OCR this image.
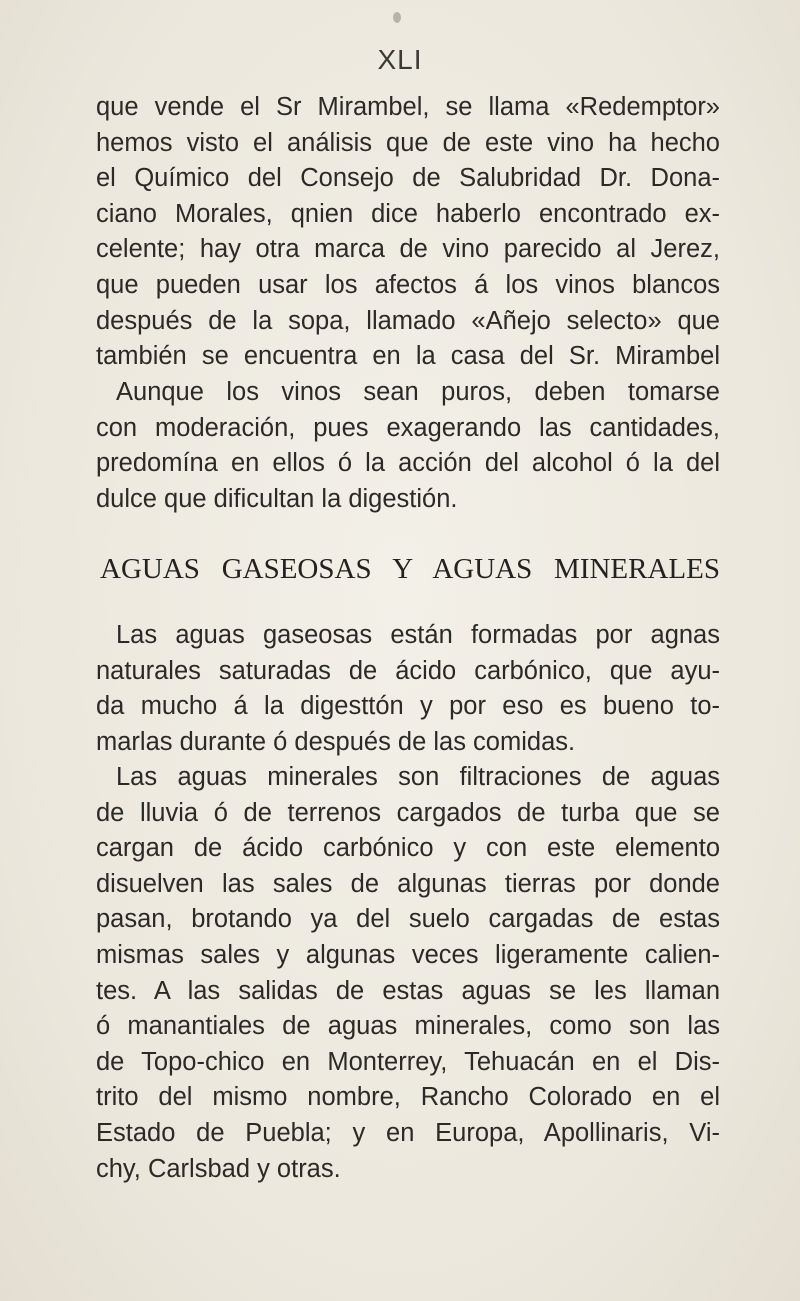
XLI
que vende el Sr Mirambel, se llama «Redemptor»
hemos visto el análisis que de este vino ha hecho
el Químico del Consejo de Salubridad Dr. Dona-
ciano Morales, qnien dice haberlo encontrado ex-
celente; hay otra marca de vino parecido al Jerez,
que pueden usar los afectos á los vinos blancos
después de la sopa, llamado «Añejo selecto» que
también se encuentra en la casa del Sr. Mirambel
Aunque los vinos sean puros, deben tomarse
con moderación, pues exagerando las cantidades,
predomína en ellos ó la acción del alcohol ó la del
dulce que dificultan la digestión.
AGUAS GASEOSAS Y AGUAS MINERALES
Las aguas gaseosas están formadas por agnas
naturales saturadas de ácido carbónico, que ayu-
da mucho á la digesttón y por eso es bueno to-
marlas durante ó después de las comidas.
Las aguas minerales son filtraciones de aguas
de lluvia ó de terrenos cargados de turba que se
cargan de ácido carbónico y con este elemento
disuelven las sales de algunas tierras por donde
pasan, brotando ya del suelo cargadas de estas
mismas sales y algunas veces ligeramente calien-
tes. A las salidas de estas aguas se les llaman
ó manantiales de aguas minerales, como son las
de Topo-chico en Monterrey, Tehuacán en el Dis-
trito del mismo nombre, Rancho Colorado en el
Estado de Puebla; y en Europa, Apollinaris, Vi-
chy, Carlsbad y otras.
